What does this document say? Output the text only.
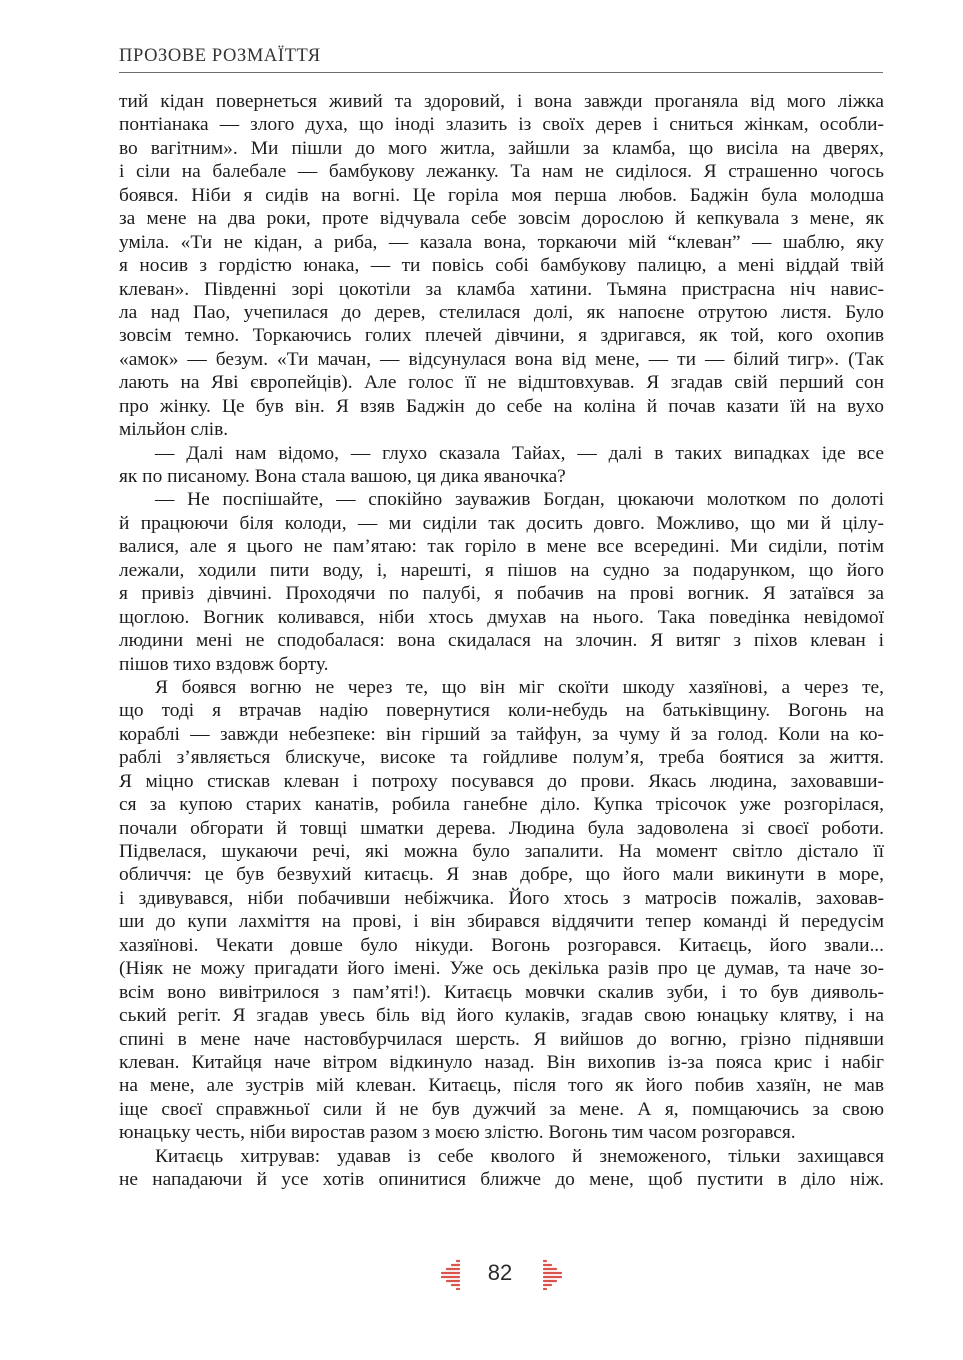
ПРОЗОВЕ РОЗМАЇТТЯ
тий кідан повернеться живий та здоровий, і вона завжди проганяла від мого ліжка
понтіанака — злого духа, що іноді злазить із своїх дерев і сниться жінкам, особли-
во вагітним». Ми пішли до мого житла, зайшли за кламба, що висіла на дверях,
і сіли на балебале — бамбукову лежанку. Та нам не сиділося. Я страшенно чогось
боявся. Ніби я сидів на вогні. Це горіла моя перша любов. Баджін була молодша
за мене на два роки, проте відчувала себе зовсім дорослою й кепкувала з мене, як
уміла. «Ти не кідан, а риба, — казала вона, торкаючи мій “клеван” — шаблю, яку
я носив з гордістю юнака, — ти повісь собі бамбукову палицю, а мені віддай твій
клеван». Південні зорі цокотіли за кламба хатини. Тьмяна пристрасна ніч навис-
ла над Пао, учепилася до дерев, стелилася долі, як напоєне отрутою листя. Було
зовсім темно. Торкаючись голих плечей дівчини, я здригався, як той, кого охопив
«амок» — безум. «Ти мачан, — відсунулася вона від мене, — ти — білий тигр». (Так
лають на Яві європейців). Але голос її не відштовхував. Я згадав свій перший сон
про жінку. Це був він. Я взяв Баджін до себе на коліна й почав казати їй на вухо
мільйон слів.
— Далі нам відомо, — глухо сказала Тайах, — далі в таких випадках іде все
як по писаному. Вона стала вашою, ця дика яваночка?
— Не поспішайте, — спокійно зауважив Богдан, цюкаючи молотком по долоті
й працюючи біля колоди, — ми сиділи так досить довго. Можливо, що ми й цілу-
валися, але я цього не пам’ятаю: так горіло в мене все всередині. Ми сиділи, потім
лежали, ходили пити воду, і, нарешті, я пішов на судно за подарунком, що його
я привіз дівчині. Проходячи по палубі, я побачив на прові вогник. Я затаївся за
щоглою. Вогник коливався, ніби хтось дмухав на нього. Така поведінка невідомої
людини мені не сподобалася: вона скидалася на злочин. Я витяг з піхов клеван і
пішов тихо вздовж борту.
Я боявся вогню не через те, що він міг скоїти шкоду хазяїнові, а через те,
що тоді я втрачав надію повернутися коли-небудь на батьківщину. Вогонь на
кораблі — завжди небезпеке: він гірший за тайфун, за чуму й за голод. Коли на ко-
раблі з’являється блискуче, високе та гойдливе полум’я, треба боятися за життя.
Я міцно стискав клеван і потроху посувався до прови. Якась людина, заховавши-
ся за купою старих канатів, робила ганебне діло. Купка трісочок уже розгорілася,
почали обгорати й товщі шматки дерева. Людина була задоволена зі своєї роботи.
Підвелася, шукаючи речі, які можна було запалити. На момент світло дістало її
обличчя: це був безвухий китаєць. Я знав добре, що його мали викинути в море,
і здивувався, ніби побачивши небіжчика. Його хтось з матросів пожалів, заховав-
ши до купи лахміття на прові, і він збирався віддячити тепер команді й передусім
хазяїнові. Чекати довше було нікуди. Вогонь розгорався. Китаєць, його звали...
(Ніяк не можу пригадати його імені. Уже ось декілька разів про це думав, та наче зо-
всім воно вивітрилося з пам’яті!). Китаєць мовчки скалив зуби, і то був дияволь-
ський регіт. Я згадав увесь біль від його кулаків, згадав свою юнацьку клятву, і на
спині в мене наче настовбурчилася шерсть. Я вийшов до вогню, грізно піднявши
клеван. Китайця наче вітром відкинуло назад. Він вихопив із-за пояса крис і набіг
на мене, але зустрів мій клеван. Китаєць, після того як його побив хазяїн, не мав
іще своєї справжньої сили й не був дужчий за мене. А я, помщаючись за свою
юнацьку честь, ніби виростав разом з моєю злістю. Вогонь тим часом розгорався.
Китаєць хитрував: удавав із себе кволого й знеможеного, тільки захищався
не нападаючи й усе хотів опинитися ближче до мене, щоб пустити в діло ніж.
82
